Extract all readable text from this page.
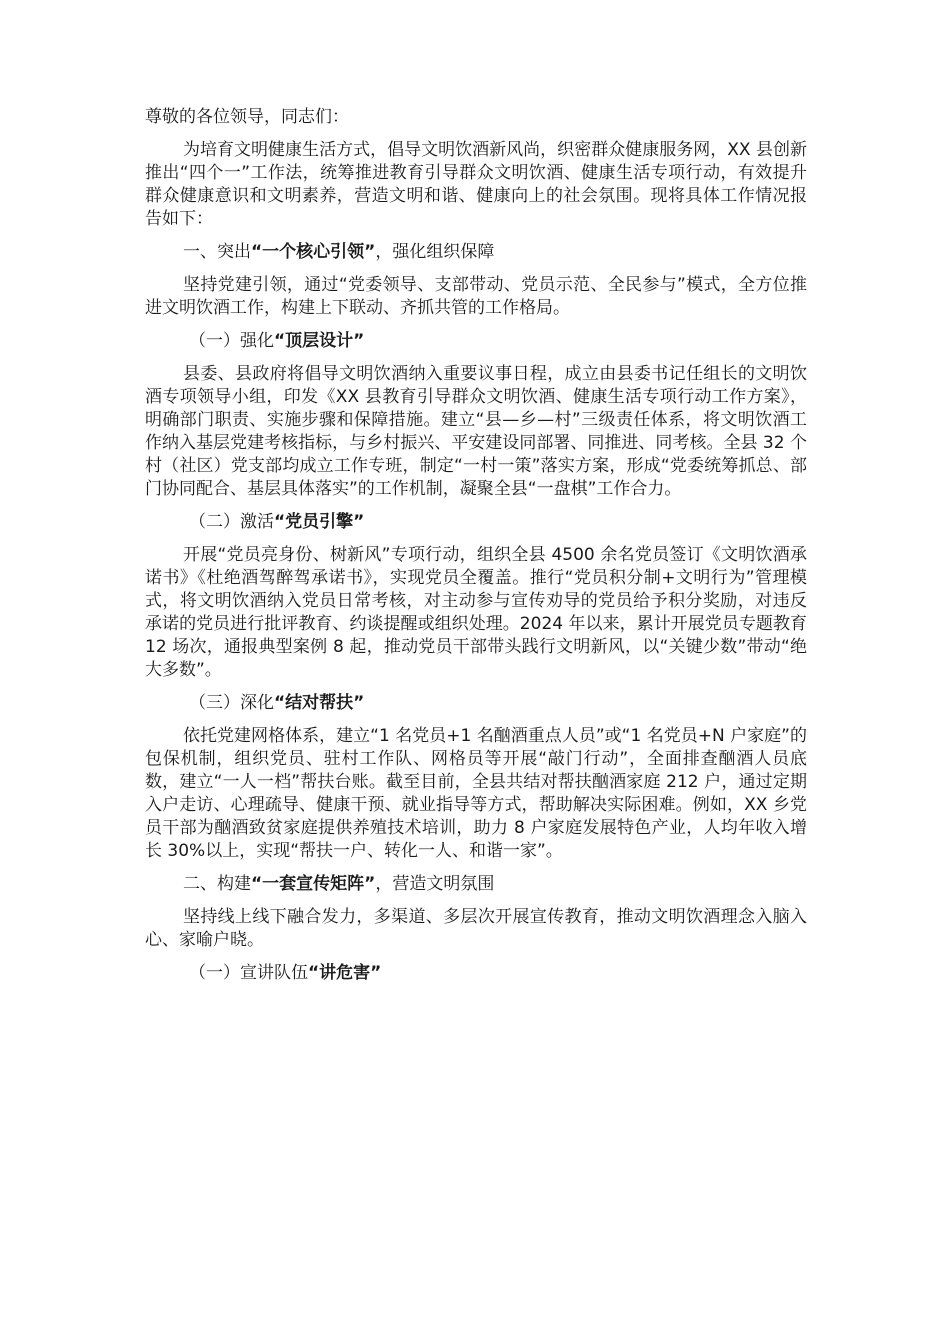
尊敬的各位领导，同志们：

为培育文明健康生活方式，倡导文明饮酒新风尚，织密群众健康服务网，XX 县创新推出“四个一”工作法，统筹推进教育引导群众文明饮酒、健康生活专项行动，有效提升群众健康意识和文明素养，营造文明和谐、健康向上的社会氛围。现将具体工作情况报告如下：

一、突出“一个核心引领”，强化组织保障

坚持党建引领，通过“党委领导、支部带动、党员示范、全民参与”模式，全方位推进文明饮酒工作，构建上下联动、齐抓共管的工作格局。

（一）强化“顶层设计”

县委、县政府将倡导文明饮酒纳入重要议事日程，成立由县委书记任组长的文明饮酒专项领导小组，印发《XX 县教育引导群众文明饮酒、健康生活专项行动工作方案》，明确部门职责、实施步骤和保障措施。建立“县—乡—村”三级责任体系，将文明饮酒工作纳入基层党建考核指标，与乡村振兴、平安建设同部署、同推进、同考核。全县 32 个村（社区）党支部均成立工作专班，制定“一村一策”落实方案，形成“党委统筹抓总、部门协同配合、基层具体落实”的工作机制，凝聚全县“一盘棋”工作合力。

（二）激活“党员引擎”

开展“党员亮身份、树新风”专项行动，组织全县 4500 余名党员签订《文明饮酒承诺书》《杜绝酒驾醉驾承诺书》，实现党员全覆盖。推行“党员积分制+文明行为”管理模式，将文明饮酒纳入党员日常考核，对主动参与宣传劝导的党员给予积分奖励，对违反承诺的党员进行批评教育、约谈提醒或组织处理。2024 年以来，累计开展党员专题教育 12 场次，通报典型案例 8 起，推动党员干部带头践行文明新风，以“关键少数”带动“绝大多数”。

（三）深化“结对帮扶”

依托党建网格体系，建立“1 名党员+1 名酗酒重点人员”或“1 名党员+N 户家庭”的包保机制，组织党员、驻村工作队、网格员等开展“敲门行动”，全面排查酗酒人员底数，建立“一人一档”帮扶台账。截至目前，全县共结对帮扶酗酒家庭 212 户，通过定期入户走访、心理疏导、健康干预、就业指导等方式，帮助解决实际困难。例如，XX 乡党员干部为酗酒致贫家庭提供养殖技术培训，助力 8 户家庭发展特色产业，人均年收入增长 30%以上，实现“帮扶一户、转化一人、和谐一家”。

二、构建“一套宣传矩阵”，营造文明氛围

坚持线上线下融合发力，多渠道、多层次开展宣传教育，推动文明饮酒理念入脑入心、家喻户晓。

（一）宣讲队伍“讲危害”
